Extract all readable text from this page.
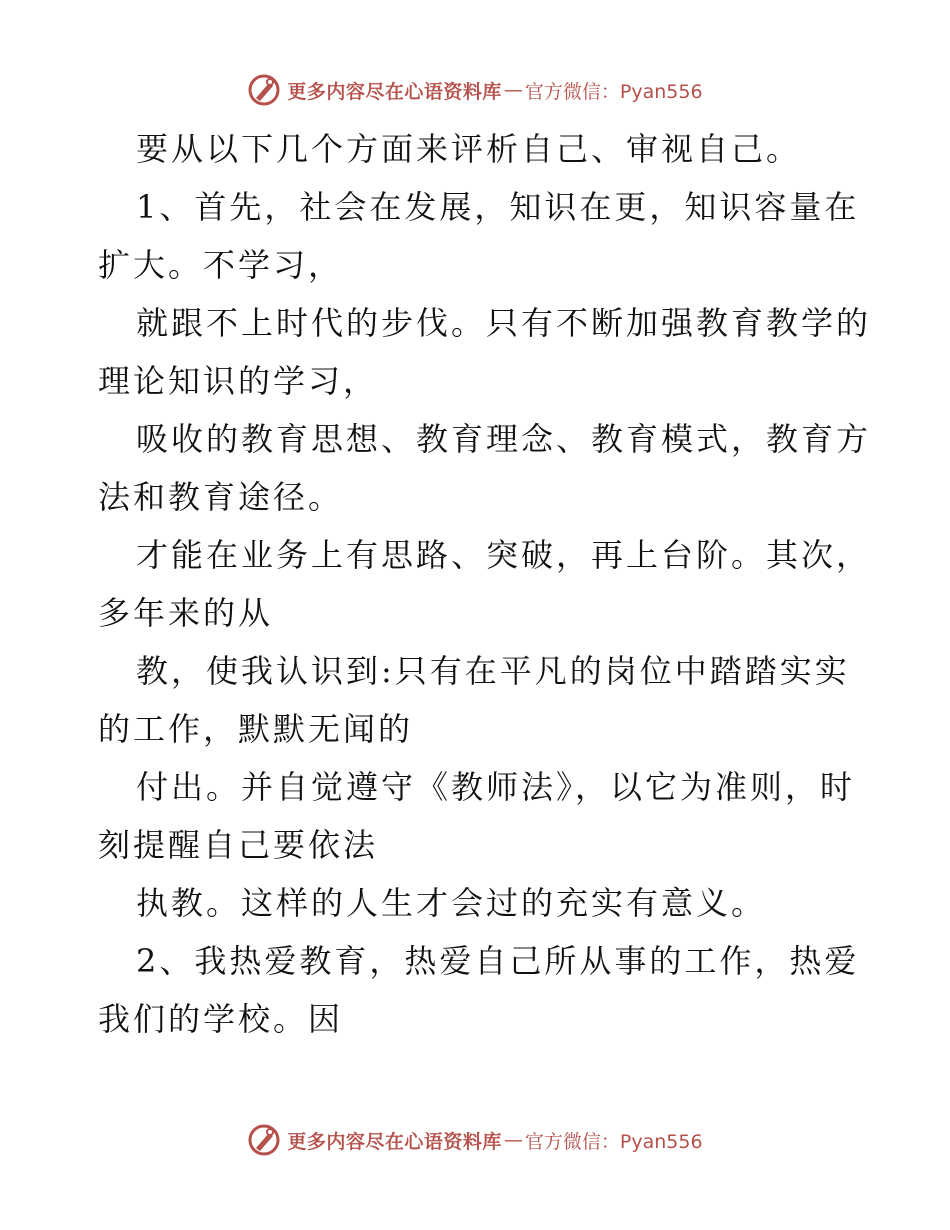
更多内容尽在心语资料库 — 官方微信：Pyan556
要从以下几个方面来评析自己、审视自己。
1、首先，社会在发展，知识在更，知识容量在
扩大。不学习，
就跟不上时代的步伐。只有不断加强教育教学的
理论知识的学习，
吸收的教育思想、教育理念、教育模式，教育方
法和教育途径。
才能在业务上有思路、突破，再上台阶。其次，
多年来的从
教，使我认识到:只有在平凡的岗位中踏踏实实
的工作，默默无闻的
付出。并自觉遵守《教师法》，以它为准则，时
刻提醒自己要依法
执教。这样的人生才会过的充实有意义。
2、我热爱教育，热爱自己所从事的工作，热爱
我们的学校。因
更多内容尽在心语资料库 — 官方微信：Pyan556
